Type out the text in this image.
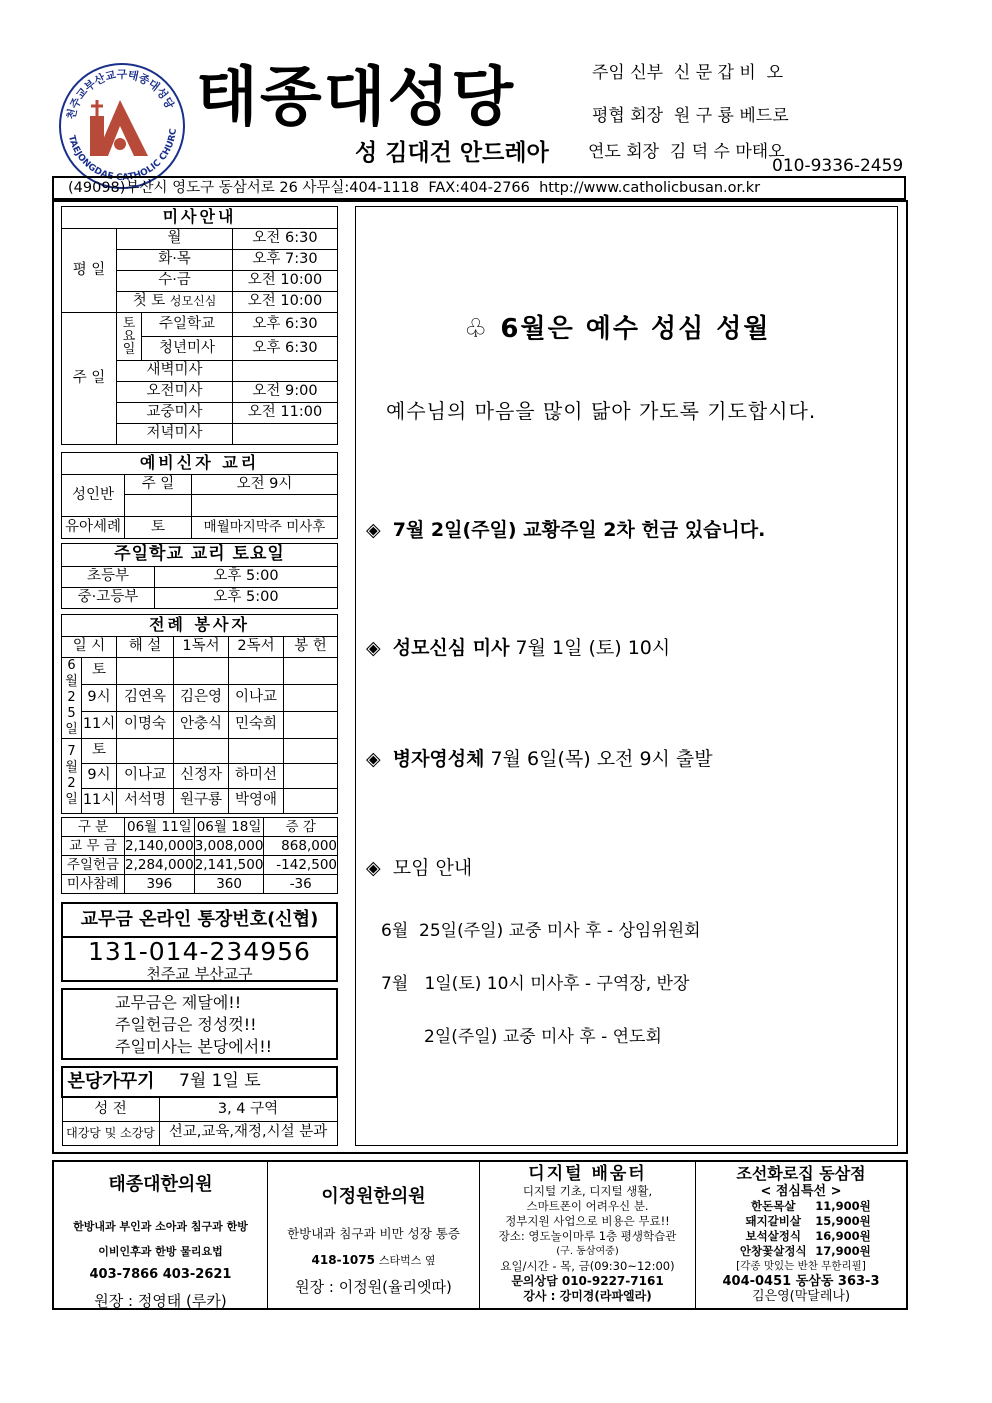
천주교부산교구태종대성당
TAEJONGDAE CATHOLIC CHURC 태종대성당
성 김대건 안드레아
주임 신부  신 문 갑 비  오
평협 회장  원 구 룡 베드로
연도 회장  김 덕 수 마태오
010-9336-2459
(49098)부산시 영도구 동삼서로 26 사무실:404-1118  FAX:404-2766  http://www.catholicbusan.or.kr
미사안내			
평 일	월		오전 6:30
	화·목		오후 7:30
	수·금		오전 10:00
	첫 토 성모신심		오전 10:00
주 일	토요일	주일학교	오후 6:30
		청년미사	오후 6:30
	새벽미사		
	오전미사		오전 9:00
	교중미사		오전 11:00
	저녁미사		
예비신자 교리		
성인반	주 일	오전 9시

유아세례	토	매월마지막주 미사후
주일학교 교리 토요일	
초등부	오후 5:00
중·고등부	오후 5:00
전례 봉사자					
일 시		해 설	1독서	2독서	봉 헌
6월25일	토				
	9시	김연옥	김은영	이나교	
	11시	이명숙	안충식	민숙희	
7월2일	토				
	9시	이나교	신정자	하미선	
	11시	서석명	원구룡	박영애	
구 분	06월 11일	06월 18일	증 감
교 무 금	2,140,000	3,008,000	868,000
주일헌금	2,284,000	2,141,500	-142,500
미사참례	396	360	-36
교무금 온라인 통장번호(신협)
131-014-234956
천주교 부산교구
교무금은 제달에!!
주일헌금은 정성껏!!
주일미사는 본당에서!!
본당가꾸기	7월 1일 토
성 전	3, 4 구역
대강당 및 소강당	선교,교육,재정,시설 분과
♧ 6월은 예수 성심 성월
예수님의 마음을 많이 닮아 가도록 기도합시다.
◈ 7월 2일(주일) 교황주일 2차 헌금 있습니다.
◈ 성모신심 미사 7월 1일 (토) 10시
◈ 병자영성체 7월 6일(목) 오전 9시 출발
◈ 모임 안내
6월  25일(주일) 교중 미사 후 - 상임위원회
7월   1일(토) 10시 미사후 - 구역장, 반장
2일(주일) 교중 미사 후 - 연도회
태종대한의원
한방내과 부인과 소아과 침구과 한방
이비인후과 한방 물리요법
403-7866 403-2621
원장 : 정영태 (루카)
이정원한의원
한방내과 침구과 비만 성장 통증
418-1075 스타벅스 옆
원장 : 이정원(율리엣따)
디지털 배움터
디지털 기초, 디지털 생활,
스마트폰이 어려우신 분.
정부지원 사업으로 비용은 무료!!
장소: 영도놀이마루 1층 평생학습관
(구. 동삼여중)
요일/시간 - 목, 금(09:30~12:00)
문의상담 010-9227-7161
강사 : 강미경(라파엘라)
조선화로집 동삼점
< 점심특선 >
한돈목살 11,900원
돼지갈비살 15,900원
보석살정식 16,900원
안창꽃살정식 17,900원
[각종 맛있는 반찬 무한리필]
404-0451 동삼동 363-3
김은영(막달레나)
